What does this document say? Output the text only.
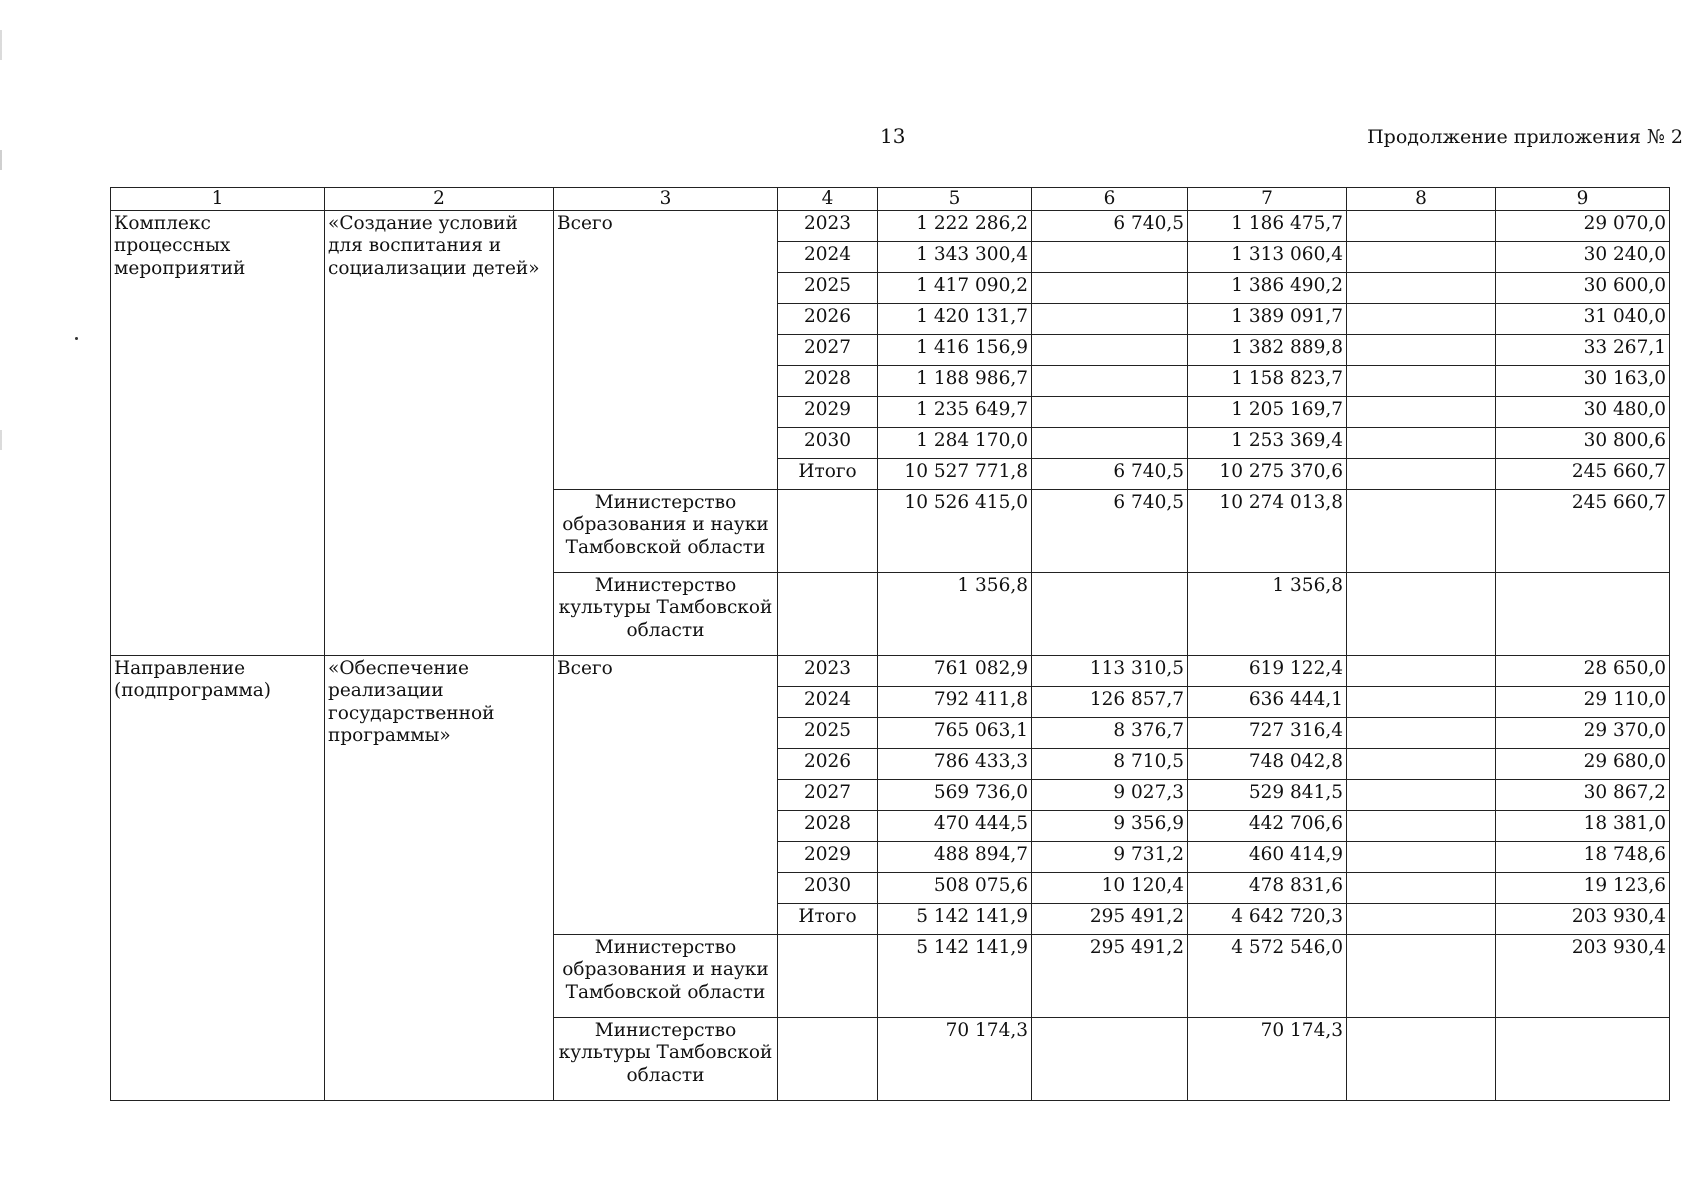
13	Продолжение приложения № 2
1	2	3	4	5	6	7	8	9
Комплекс процессных мероприятий	«Создание условий для воспитания и социализации детей»	Всего	2023	1 222 286,2	6 740,5	1 186 475,7		29 070,0
			2024	1 343 300,4		1 313 060,4		30 240,0
			2025	1 417 090,2		1 386 490,2		30 600,0
			2026	1 420 131,7		1 389 091,7		31 040,0
			2027	1 416 156,9		1 382 889,8		33 267,1
			2028	1 188 986,7		1 158 823,7		30 163,0
			2029	1 235 649,7		1 205 169,7		30 480,0
			2030	1 284 170,0		1 253 369,4		30 800,6
			Итого	10 527 771,8	6 740,5	10 275 370,6		245 660,7
		Министерство образования и науки Тамбовской области		10 526 415,0	6 740,5	10 274 013,8		245 660,7
		Министерство культуры Тамбовской области		1 356,8		1 356,8		
Направление (подпрограмма)	«Обеспечение реализации государственной программы»	Всего	2023	761 082,9	113 310,5	619 122,4		28 650,0
			2024	792 411,8	126 857,7	636 444,1		29 110,0
			2025	765 063,1	8 376,7	727 316,4		29 370,0
			2026	786 433,3	8 710,5	748 042,8		29 680,0
			2027	569 736,0	9 027,3	529 841,5		30 867,2
			2028	470 444,5	9 356,9	442 706,6		18 381,0
			2029	488 894,7	9 731,2	460 414,9		18 748,6
			2030	508 075,6	10 120,4	478 831,6		19 123,6
			Итого	5 142 141,9	295 491,2	4 642 720,3		203 930,4
		Министерство образования и науки Тамбовской области		5 142 141,9	295 491,2	4 572 546,0		203 930,4
		Министерство культуры Тамбовской области		70 174,3		70 174,3		
